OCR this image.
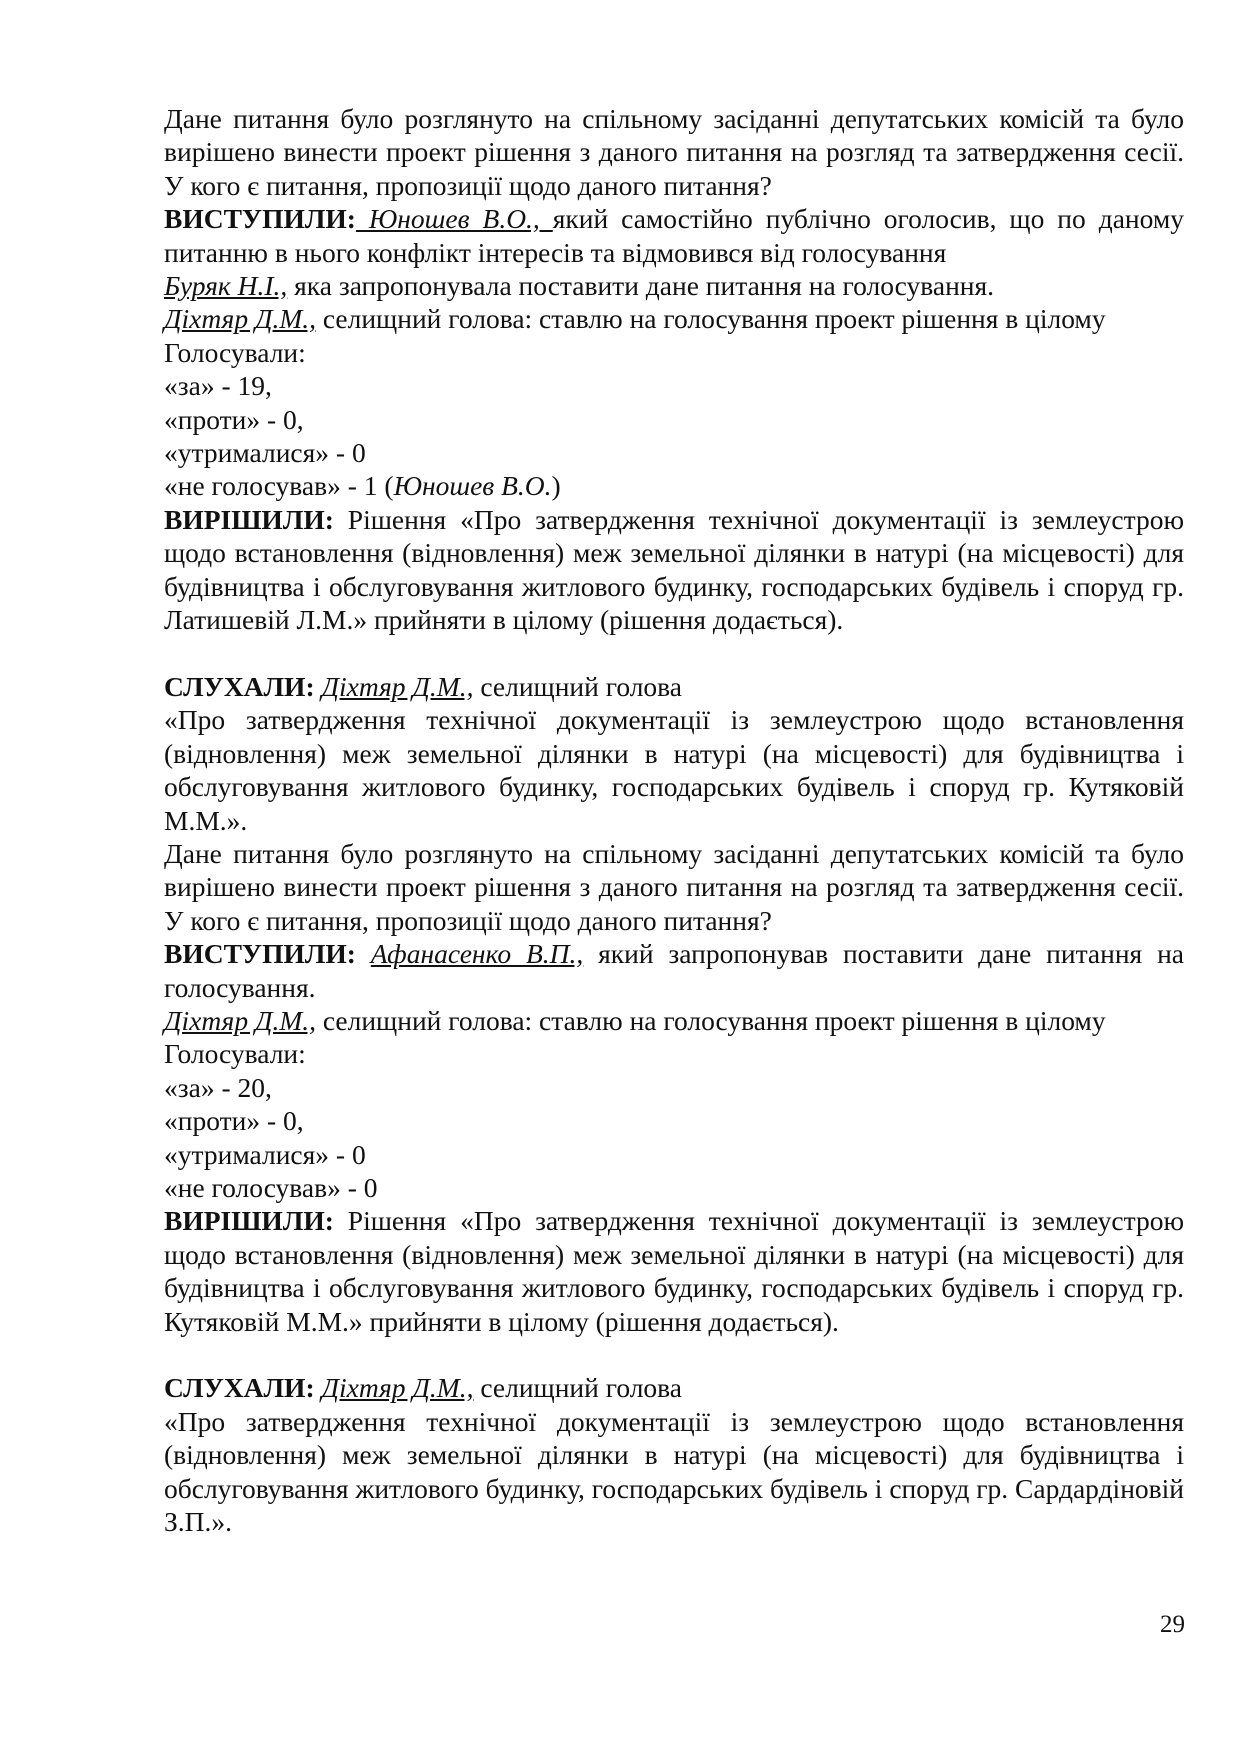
Дане питання було розглянуто на спільному засіданні депутатських комісій та було вирішено винести проект рішення з даного питання на розгляд та затвердження сесії. У кого є питання, пропозиції щодо даного питання?

ВИСТУПИЛИ: Юношев В.О., який самостійно публічно оголосив, що по даному питанню в нього конфлікт інтересів та відмовився від голосування

Буряк Н.І., яка запропонувала поставити дане питання на голосування.

Діхтяр Д.М., селищний голова: ставлю на голосування проект рішення в цілому

Голосували:

«за» - 19,

«проти» - 0,

«утрималися» - 0

«не голосував» - 1 (Юношев В.О.)

ВИРІШИЛИ: Рішення «Про затвердження технічної документації із землеустрою щодо встановлення (відновлення) меж земельної ділянки в натурі (на місцевості) для будівництва і обслуговування житлового будинку, господарських будівель і споруд гр. Латишевій Л.М.» прийняти в цілому (рішення додається).

СЛУХАЛИ: Діхтяр Д.М., селищний голова

«Про затвердження технічної документації із землеустрою щодо встановлення (відновлення) меж земельної ділянки в натурі (на місцевості) для будівництва і обслуговування житлового будинку, господарських будівель і споруд гр. Кутяковій М.М.».

Дане питання було розглянуто на спільному засіданні депутатських комісій та було вирішено винести проект рішення з даного питання на розгляд та затвердження сесії. У кого є питання, пропозиції щодо даного питання?

ВИСТУПИЛИ: Афанасенко В.П., який запропонував поставити дане питання на голосування.

Діхтяр Д.М., селищний голова: ставлю на голосування проект рішення в цілому

Голосували:

«за» - 20,

«проти» - 0,

«утрималися» - 0

«не голосував» - 0

ВИРІШИЛИ: Рішення «Про затвердження технічної документації із землеустрою щодо встановлення (відновлення) меж земельної ділянки в натурі (на місцевості) для будівництва і обслуговування житлового будинку, господарських будівель і споруд гр. Кутяковій М.М.» прийняти в цілому (рішення додається).

СЛУХАЛИ: Діхтяр Д.М., селищний голова

«Про затвердження технічної документації із землеустрою щодо встановлення (відновлення) меж земельної ділянки в натурі (на місцевості) для будівництва і обслуговування житлового будинку, господарських будівель і споруд гр. Сардардіновій З.П.».

29
